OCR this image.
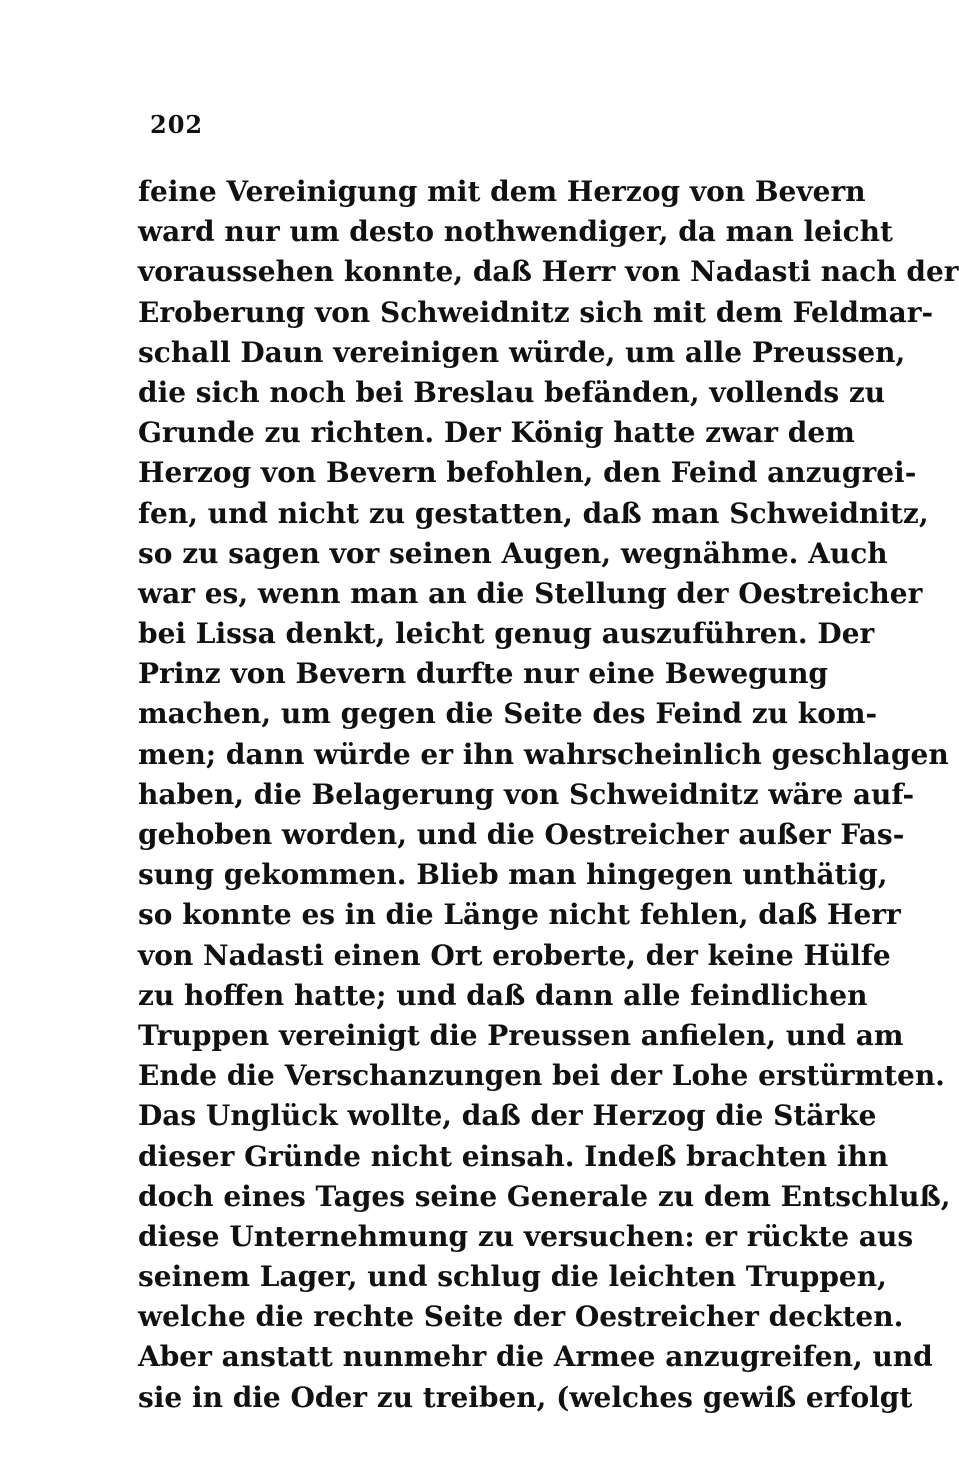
202
feine Vereinigung mit dem Herzog von Bevern
ward nur um desto nothwendiger, da man leicht
voraussehen konnte, daß Herr von Nadasti nach der
Eroberung von Schweidnitz sich mit dem Feldmar-
schall Daun vereinigen würde, um alle Preussen,
die sich noch bei Breslau befänden, vollends zu
Grunde zu richten. Der König hatte zwar dem
Herzog von Bevern befohlen, den Feind anzugrei-
fen, und nicht zu gestatten, daß man Schweidnitz,
so zu sagen vor seinen Augen, wegnähme. Auch
war es, wenn man an die Stellung der Oestreicher
bei Lissa denkt, leicht genug auszuführen. Der
Prinz von Bevern durfte nur eine Bewegung
machen, um gegen die Seite des Feind zu kom-
men; dann würde er ihn wahrscheinlich geschlagen
haben, die Belagerung von Schweidnitz wäre auf-
gehoben worden, und die Oestreicher außer Fas-
sung gekommen. Blieb man hingegen unthätig,
so konnte es in die Länge nicht fehlen, daß Herr
von Nadasti einen Ort eroberte, der keine Hülfe
zu hoffen hatte; und daß dann alle feindlichen
Truppen vereinigt die Preussen anfielen, und am
Ende die Verschanzungen bei der Lohe erstürmten.
Das Unglück wollte, daß der Herzog die Stärke
dieser Gründe nicht einsah. Indeß brachten ihn
doch eines Tages seine Generale zu dem Entschluß,
diese Unternehmung zu versuchen: er rückte aus
seinem Lager, und schlug die leichten Truppen,
welche die rechte Seite der Oestreicher deckten.
Aber anstatt nunmehr die Armee anzugreifen, und
sie in die Oder zu treiben, (welches gewiß erfolgt
